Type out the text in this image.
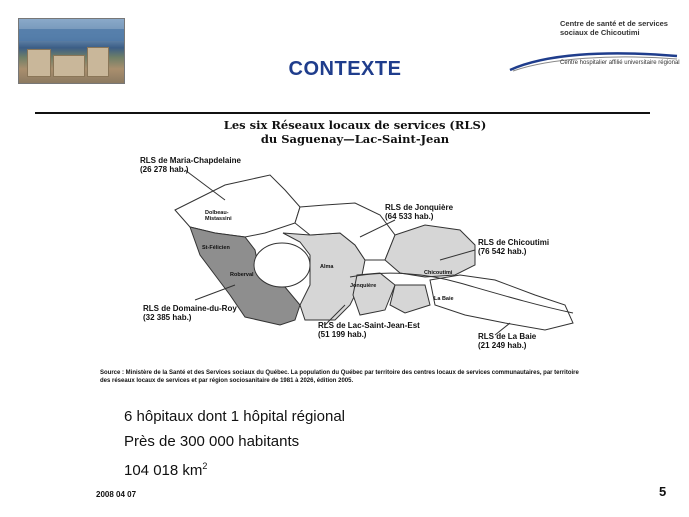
CONTEXTE
Centre de santé et de services sociaux de Chicoutimi
Centre hospitalier affilié universitaire régional
Les six Réseaux locaux de services (RLS)
du Saguenay—Lac-Saint-Jean
RLS de Maria-Chapdelaine
(26 278 hab.)
RLS de Jonquière
(64 533 hab.)
RLS de Chicoutimi
(76 542 hab.)
RLS de Domaine-du-Roy
(32 385 hab.)
RLS de Lac-Saint-Jean-Est
(51 199 hab.)	RLS de La Baie
(21 249 hab.)
Dolbeau-Mistassini
St-Félicien
Roberval
Alma
Jonquière
Chicoutimi
La Baie
Source : Ministère de la Santé et des Services sociaux du Québec. La population du Québec par territoire des centres locaux de services communautaires, par territoire des réseaux locaux de services et par région sociosanitaire de 1981 à 2026, édition 2005.
6 hôpitaux dont 1 hôpital régional
Près de 300 000 habitants
104 018 $km^2$
2008 04 07	5
